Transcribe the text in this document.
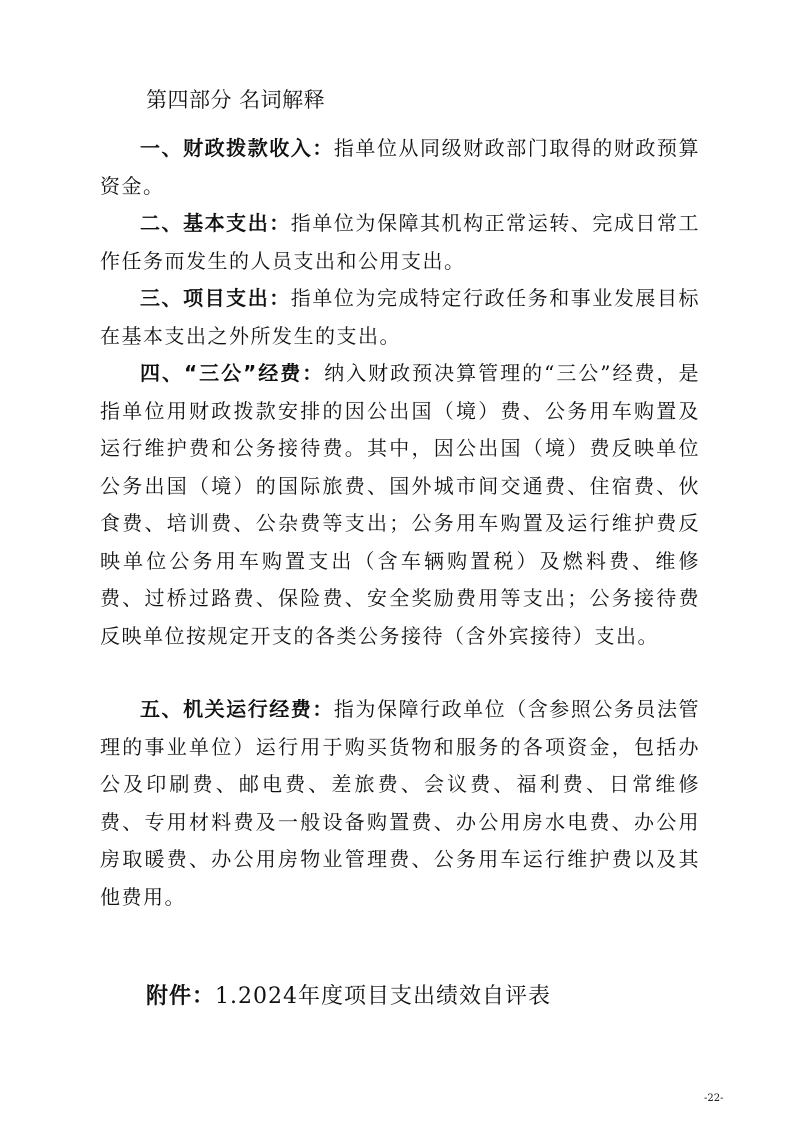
第四部分 名词解释

一、财政拨款收入：指单位从同级财政部门取得的财政预算资金。

二、基本支出：指单位为保障其机构正常运转、完成日常工作任务而发生的人员支出和公用支出。

三、项目支出：指单位为完成特定行政任务和事业发展目标在基本支出之外所发生的支出。

四、“三公”经费：纳入财政预决算管理的“三公”经费，是指单位用财政拨款安排的因公出国（境）费、公务用车购置及运行维护费和公务接待费。其中，因公出国（境）费反映单位公务出国（境）的国际旅费、国外城市间交通费、住宿费、伙食费、培训费、公杂费等支出；公务用车购置及运行维护费反映单位公务用车购置支出（含车辆购置税）及燃料费、维修费、过桥过路费、保险费、安全奖励费用等支出；公务接待费反映单位按规定开支的各类公务接待（含外宾接待）支出。

五、机关运行经费：指为保障行政单位（含参照公务员法管理的事业单位）运行用于购买货物和服务的各项资金，包括办公及印刷费、邮电费、差旅费、会议费、福利费、日常维修费、专用材料费及一般设备购置费、办公用房水电费、办公用房取暖费、办公用房物业管理费、公务用车运行维护费以及其他费用。

附件：1.2024年度项目支出绩效自评表
-22-
